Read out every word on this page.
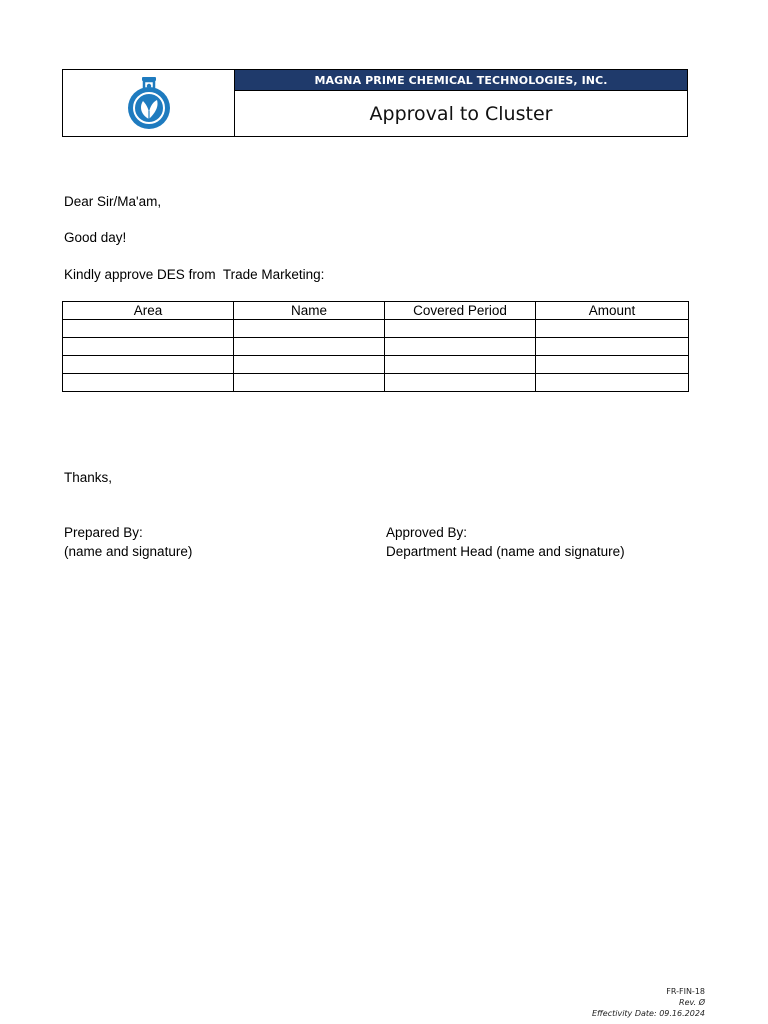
MAGNA PRIME CHEMICAL TECHNOLOGIES, INC.
Approval to Cluster
Dear Sir/Ma'am,
Good day!
Kindly approve DES from  Trade Marketing:
Area	Name	Covered Period	Amount

Thanks,
Prepared By:
(name and signature)
Approved By:
Department Head (name and signature)
FR-FIN-18
Rev. Ø
Effectivity Date: 09.16.2024
